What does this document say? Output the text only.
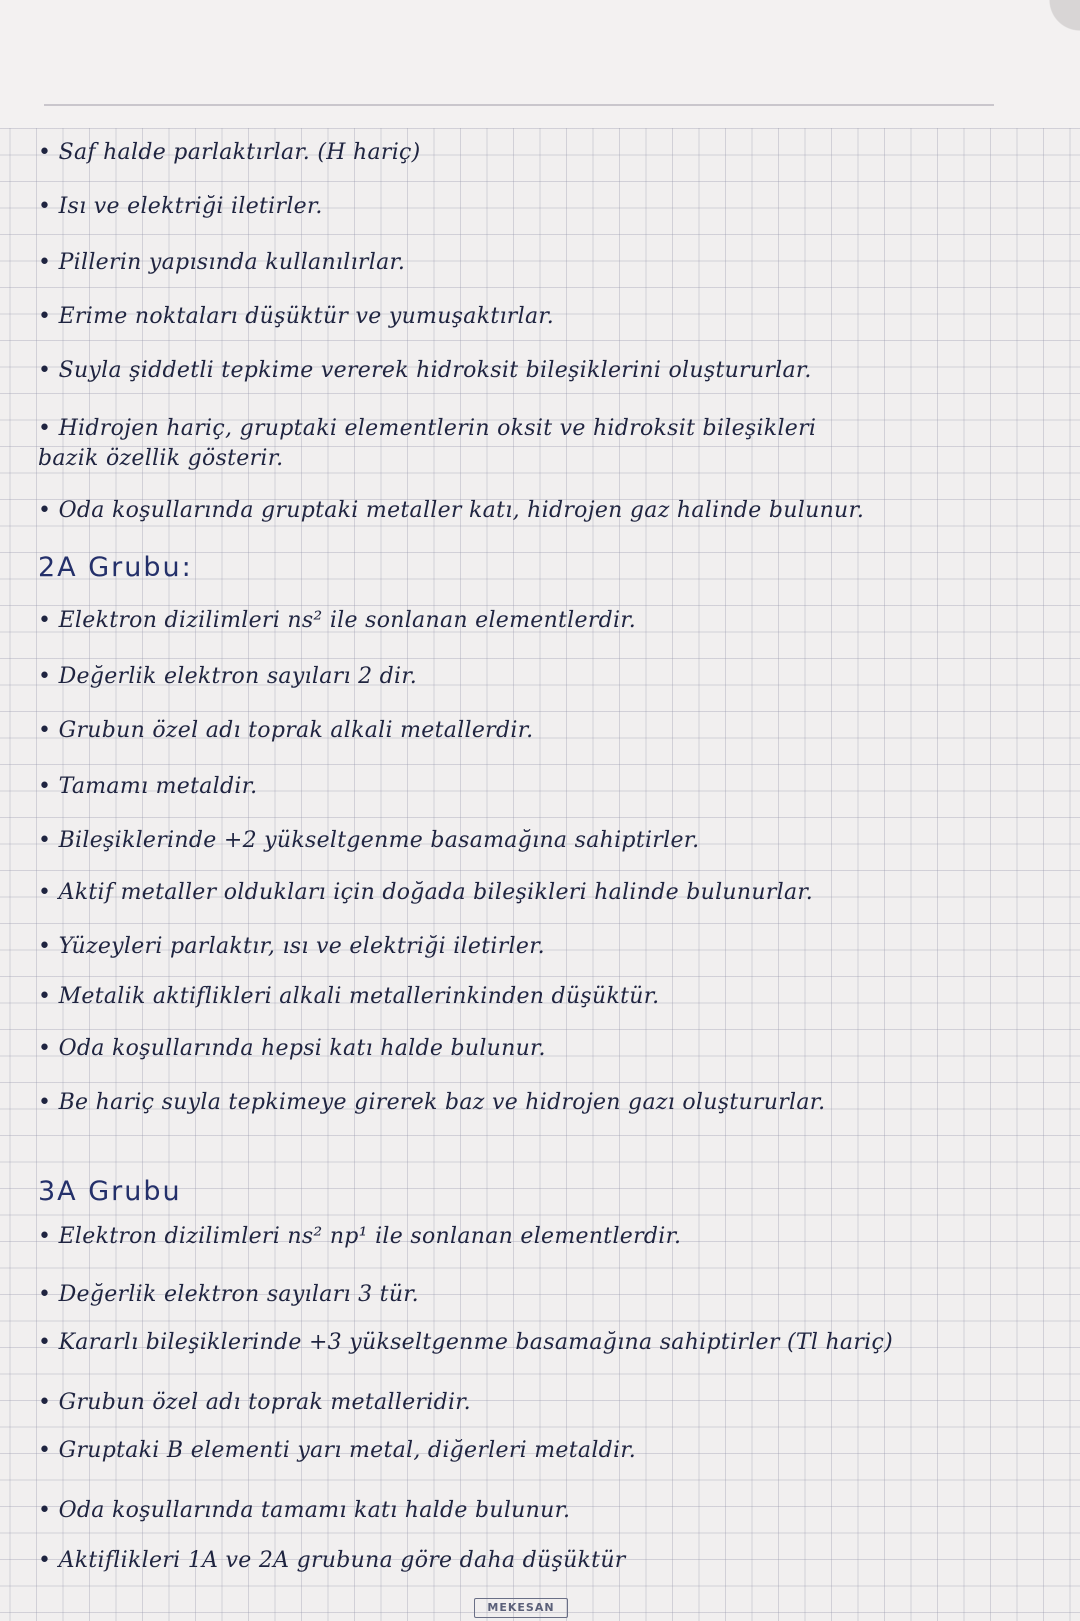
• Saf halde parlaktırlar. (H hariç)
• Isı ve elektriği iletirler.
• Pillerin yapısında kullanılırlar.
• Erime noktaları düşüktür ve yumuşaktırlar.
• Suyla şiddetli tepkime vererek hidroksit bileşiklerini oluştururlar.
• Hidrojen hariç, gruptaki elementlerin oksit ve hidroksit bileşikleri
bazik özellik gösterir.
• Oda koşullarında gruptaki metaller katı, hidrojen gaz halinde bulunur.
2A Grubu:
• Elektron dizilimleri ns² ile sonlanan elementlerdir.
• Değerlik elektron sayıları 2 dir.
• Grubun özel adı toprak alkali metallerdir.
• Tamamı metaldir.
• Bileşiklerinde +2 yükseltgenme basamağına sahiptirler.
• Aktif metaller oldukları için doğada bileşikleri halinde bulunurlar.
• Yüzeyleri parlaktır, ısı ve elektriği iletirler.
• Metalik aktiflikleri alkali metallerinkinden düşüktür.
• Oda koşullarında hepsi katı halde bulunur.
• Be hariç suyla tepkimeye girerek baz ve hidrojen gazı oluştururlar.
3A Grubu
• Elektron dizilimleri ns² np¹ ile sonlanan elementlerdir.
• Değerlik elektron sayıları 3 tür.
• Kararlı bileşiklerinde +3 yükseltgenme basamağına sahiptirler (Tl hariç)
• Grubun özel adı toprak metalleridir.
• Gruptaki B elementi yarı metal, diğerleri metaldir.
• Oda koşullarında tamamı katı halde bulunur.
• Aktiflikleri 1A ve 2A grubuna göre daha düşüktür
MEKESAN
